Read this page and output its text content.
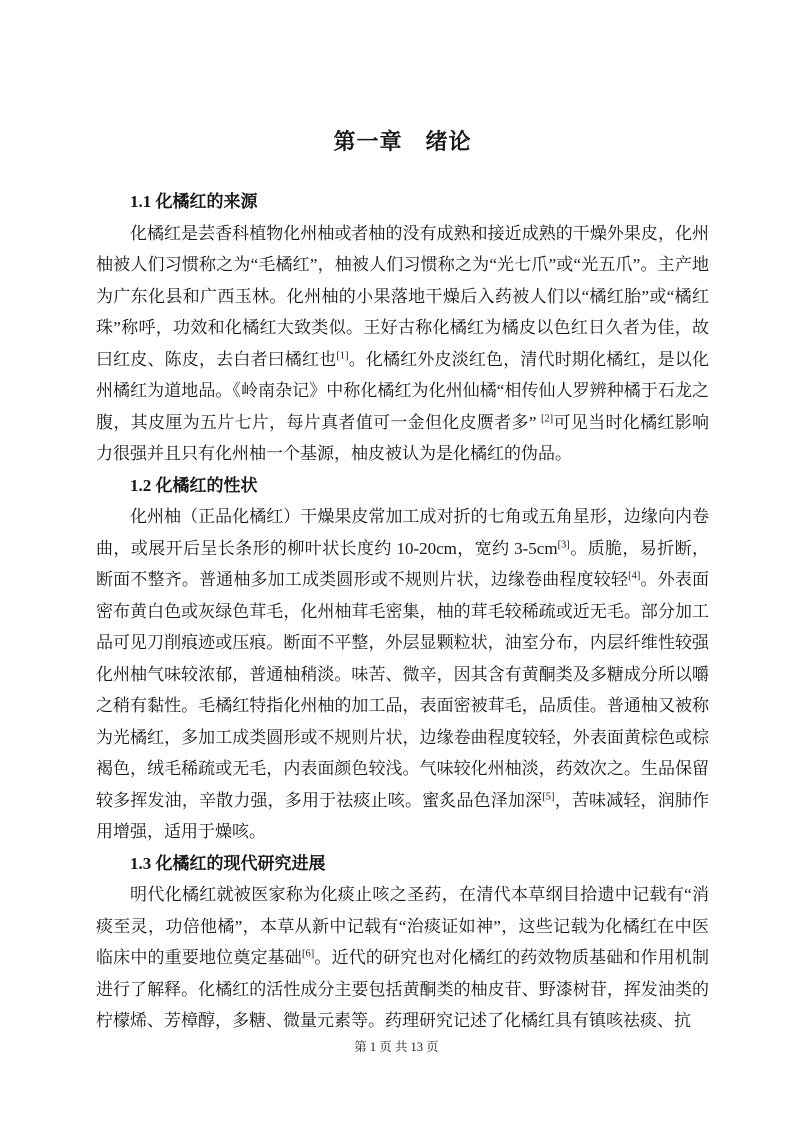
第一章　绪论
1.1 化橘红的来源

化橘红是芸香科植物化州柚或者柚的没有成熟和接近成熟的干燥外果皮，化州柚被人们习惯称之为“毛橘红”，柚被人们习惯称之为“光七爪”或“光五爪”。主产地为广东化县和广西玉林。化州柚的小果落地干燥后入药被人们以“橘红胎”或“橘红珠”称呼，功效和化橘红大致类似。王好古称化橘红为橘皮以色红日久者为佳，故曰红皮、陈皮，去白者曰橘红也[1]。化橘红外皮淡红色，清代时期化橘红，是以化州橘红为道地品。《岭南杂记》中称化橘红为化州仙橘“相传仙人罗辨种橘于石龙之腹，其皮厘为五片七片，每片真者值可一金但化皮赝者多” [2]可见当时化橘红影响力很强并且只有化州柚一个基源，柚皮被认为是化橘红的伪品。

1.2 化橘红的性状

化州柚（正品化橘红）干燥果皮常加工成对折的七角或五角星形，边缘向内卷曲，或展开后呈长条形的柳叶状长度约 10-20cm，宽约 3-5cm[3]。质脆，易折断，断面不整齐。普通柚多加工成类圆形或不规则片状，边缘卷曲程度较轻[4]。外表面密布黄白色或灰绿色茸毛，化州柚茸毛密集，柚的茸毛较稀疏或近无毛。部分加工品可见刀削痕迹或压痕。断面不平整，外层显颗粒状，油室分布，内层纤维性较强化州柚气味较浓郁，普通柚稍淡。味苦、微辛，因其含有黄酮类及多糖成分所以嚼之稍有黏性。毛橘红特指化州柚的加工品，表面密被茸毛，品质佳。普通柚又被称为光橘红，多加工成类圆形或不规则片状，边缘卷曲程度较轻，外表面黄棕色或棕褐色，绒毛稀疏或无毛，内表面颜色较浅。气味较化州柚淡，药效次之。生品保留较多挥发油，辛散力强，多用于祛痰止咳。蜜炙品色泽加深[5]，苦味减轻，润肺作用增强，适用于燥咳。

1.3 化橘红的现代研究进展

明代化橘红就被医家称为化痰止咳之圣药，在清代本草纲目拾遗中记载有“消痰至灵，功倍他橘”，本草从新中记载有“治痰证如神”，这些记载为化橘红在中医临床中的重要地位奠定基础[6]。近代的研究也对化橘红的药效物质基础和作用机制进行了解释。化橘红的活性成分主要包括黄酮类的柚皮苷、野漆树苷，挥发油类的柠檬烯、芳樟醇，多糖、微量元素等。药理研究记述了化橘红具有镇咳祛痰、抗

第 1 页 共 13 页
